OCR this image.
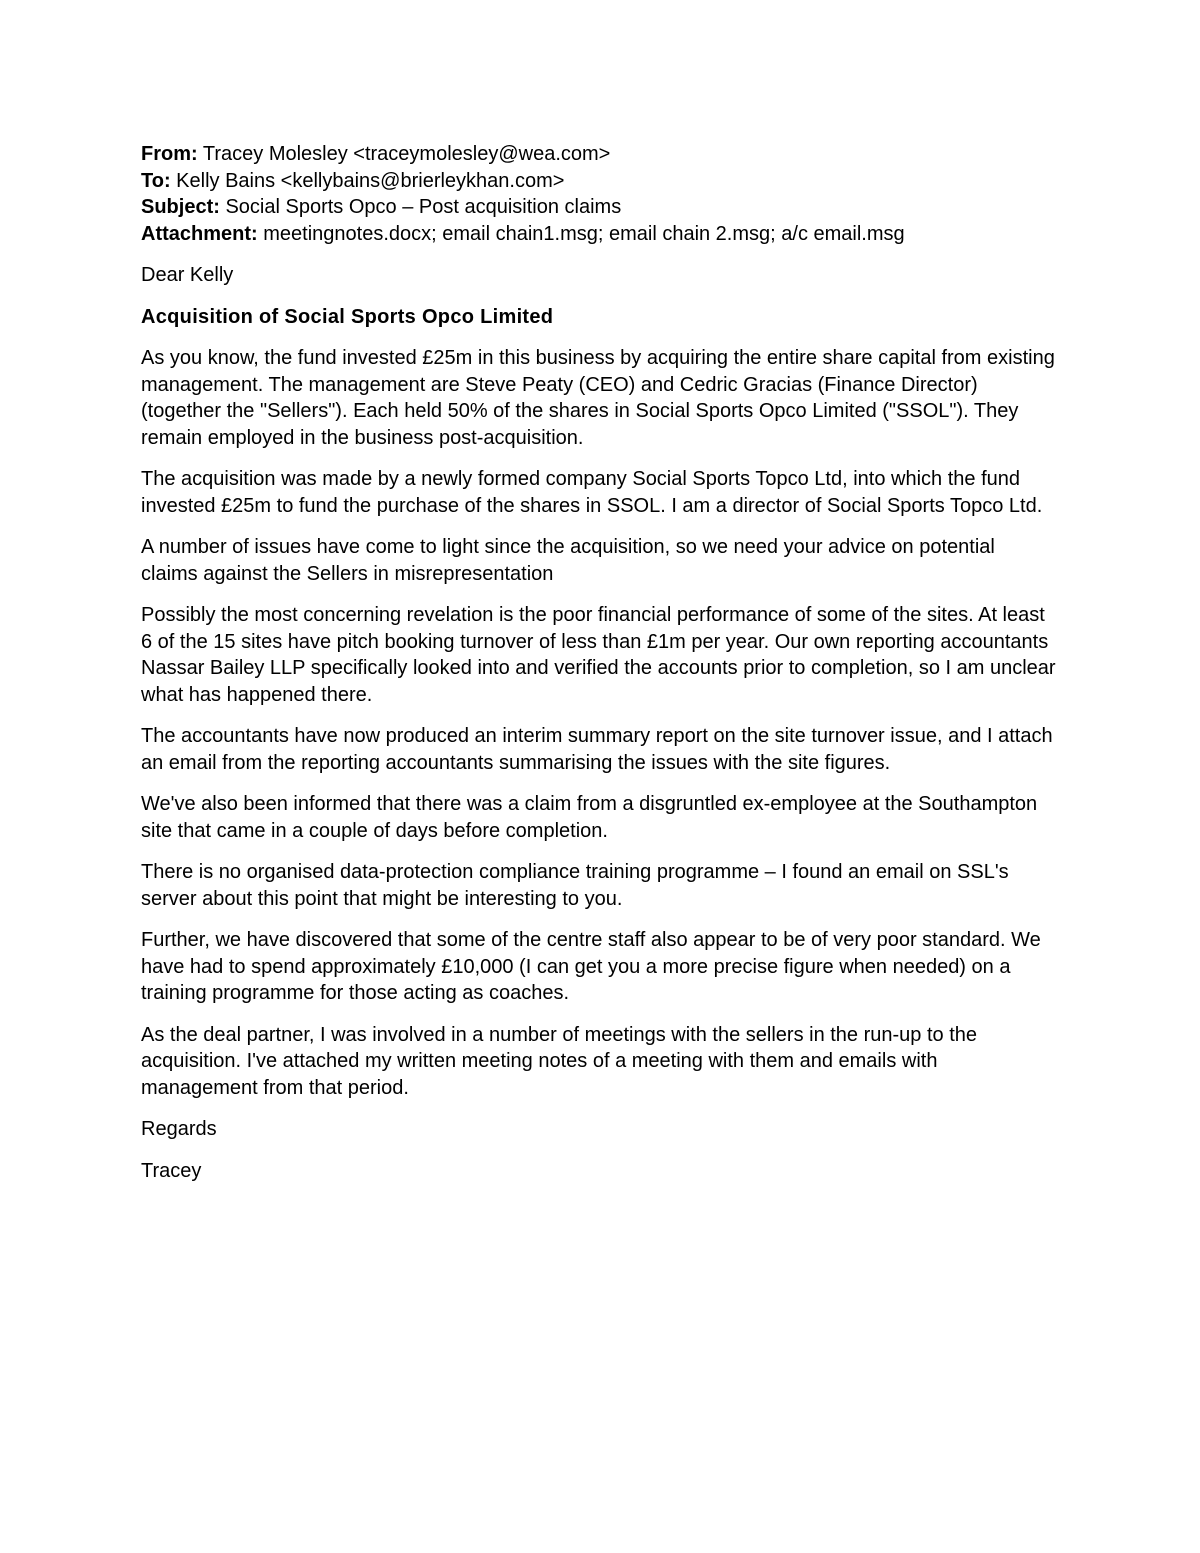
From: Tracey Molesley <traceymolesley@wea.com>

To: Kelly Bains <kellybains@brierleykhan.com>

Subject: Social Sports Opco – Post acquisition claims

Attachment: meetingnotes.docx; email chain1.msg; email chain 2.msg; a/c email.msg

Dear Kelly

Acquisition of Social Sports Opco Limited

As you know, the fund invested £25m in this business by acquiring the entire share capital from existing management. The management are Steve Peaty (CEO) and Cedric Gracias (Finance Director) (together the "Sellers"). Each held 50% of the shares in Social Sports Opco Limited ("SSOL"). They remain employed in the business post-acquisition.

The acquisition was made by a newly formed company Social Sports Topco Ltd, into which the fund invested £25m to fund the purchase of the shares in SSOL. I am a director of Social Sports Topco Ltd.

A number of issues have come to light since the acquisition, so we need your advice on potential claims against the Sellers in misrepresentation

Possibly the most concerning revelation is the poor financial performance of some of the sites. At least 6 of the 15 sites have pitch booking turnover of less than £1m per year. Our own reporting accountants Nassar Bailey LLP specifically looked into and verified the accounts prior to completion, so I am unclear what has happened there.

The accountants have now produced an interim summary report on the site turnover issue, and I attach an email from the reporting accountants summarising the issues with the site figures.

We've also been informed that there was a claim from a disgruntled ex-employee at the Southampton site that came in a couple of days before completion.

There is no organised data-protection compliance training programme – I found an email on SSL's server about this point that might be interesting to you.

Further, we have discovered that some of the centre staff also appear to be of very poor standard. We have had to spend approximately £10,000 (I can get you a more precise figure when needed) on a training programme for those acting as coaches.

As the deal partner, I was involved in a number of meetings with the sellers in the run-up to the acquisition. I've attached my written meeting notes of a meeting with them and emails with management from that period.

Regards

Tracey
